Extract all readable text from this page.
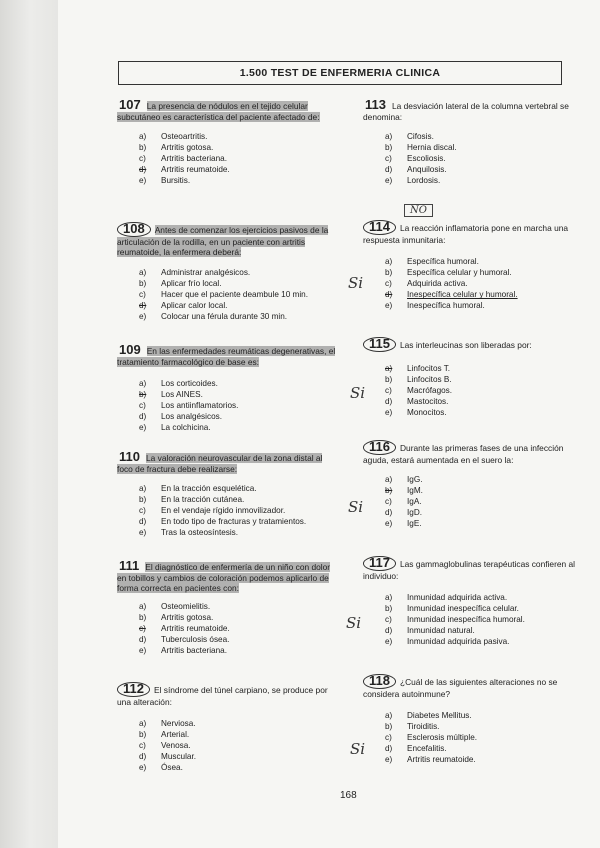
1.500 TEST DE ENFERMERIA CLINICA
107 La presencia de nódulos en el tejido celular subcutáneo es característica del paciente afectado de:
a)	Osteoartritis.
b)	Artritis gotosa.
c)	Artritis bacteriana.
d)	Artritis reumatoide.
e)	Bursitis.
108 Antes de comenzar los ejercicios pasivos de la articulación de la rodilla, en un paciente con artritis reumatoide, la enfermera deberá:
a)	Administrar analgésicos.
b)	Aplicar frío local.
c)	Hacer que el paciente deambule 10 min.
d)	Aplicar calor local.
e)	Colocar una férula durante 30 min.
109 En las enfermedades reumáticas degenerativas, el tratamiento farmacológico de base es:
a)	Los corticoides.
b)	Los AINES.
c)	Los antiinflamatorios.
d)	Los analgésicos.
e)	La colchicina.
110 La valoración neurovascular de la zona distal al foco de fractura debe realizarse:
a)	En la tracción esquelética.
b)	En la tracción cutánea.
c)	En el vendaje rígido inmovilizador.
d)	En todo tipo de fracturas y tratamientos.
e)	Tras la osteosíntesis.
111 El diagnóstico de enfermería de un niño con dolor en tobillos y cambios de coloración podemos aplicarlo de forma correcta en pacientes con:
a)	Osteomielitis.
b)	Artritis gotosa.
c)	Artritis reumatoide.
d)	Tuberculosis ósea.
e)	Artritis bacteriana.
112 El síndrome del túnel carpiano, se produce por una alteración:
a)	Nerviosa.
b)	Arterial.
c)	Venosa.
d)	Muscular.
e)	Ósea.
113 La desviación lateral de la columna vertebral se denomina:
a)	Cifosis.
b)	Hernia discal.
c)	Escoliosis.
d)	Anquilosis.
e)	Lordosis.
114 La reacción inflamatoria pone en marcha una respuesta inmunitaria:
a)	Específica humoral.
b)	Específica celular y humoral.
c)	Adquirida activa.
d)	Inespecífica celular y humoral.
e)	Inespecífica humoral.
115 Las interleucinas son liberadas por:
a)	Linfocitos T.
b)	Linfocitos B.
c)	Macrófagos.
d)	Mastocitos.
e)	Monocitos.
116 Durante las primeras fases de una infección aguda, estará aumentada en el suero la:
a)	IgG.
b)	IgM.
c)	IgA.
d)	IgD.
e)	IgE.
117 Las gammaglobulinas terapéuticas confieren al individuo:
a)	Inmunidad adquirida activa.
b)	Inmunidad inespecífica celular.
c)	Inmunidad inespecífica humoral.
d)	Inmunidad natural.
e)	Inmunidad adquirida pasiva.
118 ¿Cuál de las siguientes alteraciones no se considera autoinmune?
a)	Diabetes Mellitus.
b)	Tiroiditis.
c)	Esclerosis múltiple.
d)	Encefalitis.
e)	Artritis reumatoide.
Si
Si
Si
Si
Si
NO
168
